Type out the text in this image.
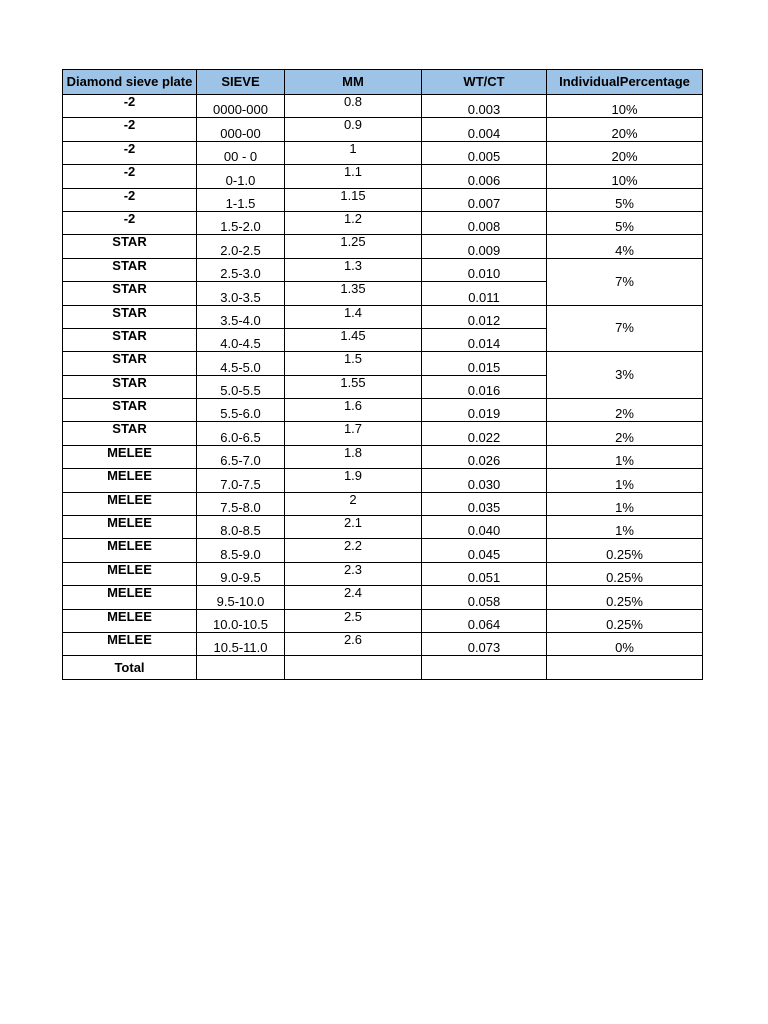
Diamond sieve plate	SIEVE	MM	WT/CT	IndividualPercentage
-2	0000-000	0.8	0.003	10%
-2	000-00	0.9	0.004	20%
-2	00 - 0	1	0.005	20%
-2	0-1.0	1.1	0.006	10%
-2	1-1.5	1.15	0.007	5%
-2	1.5-2.0	1.2	0.008	5%
STAR	2.0-2.5	1.25	0.009	4%
STAR	2.5-3.0	1.3	0.010	7%
STAR	3.0-3.5	1.35	0.011	
STAR	3.5-4.0	1.4	0.012	7%
STAR	4.0-4.5	1.45	0.014	
STAR	4.5-5.0	1.5	0.015	3%
STAR	5.0-5.5	1.55	0.016	
STAR	5.5-6.0	1.6	0.019	2%
STAR	6.0-6.5	1.7	0.022	2%
MELEE	6.5-7.0	1.8	0.026	1%
MELEE	7.0-7.5	1.9	0.030	1%
MELEE	7.5-8.0	2	0.035	1%
MELEE	8.0-8.5	2.1	0.040	1%
MELEE	8.5-9.0	2.2	0.045	0.25%
MELEE	9.0-9.5	2.3	0.051	0.25%
MELEE	9.5-10.0	2.4	0.058	0.25%
MELEE	10.0-10.5	2.5	0.064	0.25%
MELEE	10.5-11.0	2.6	0.073	0%
Total				
